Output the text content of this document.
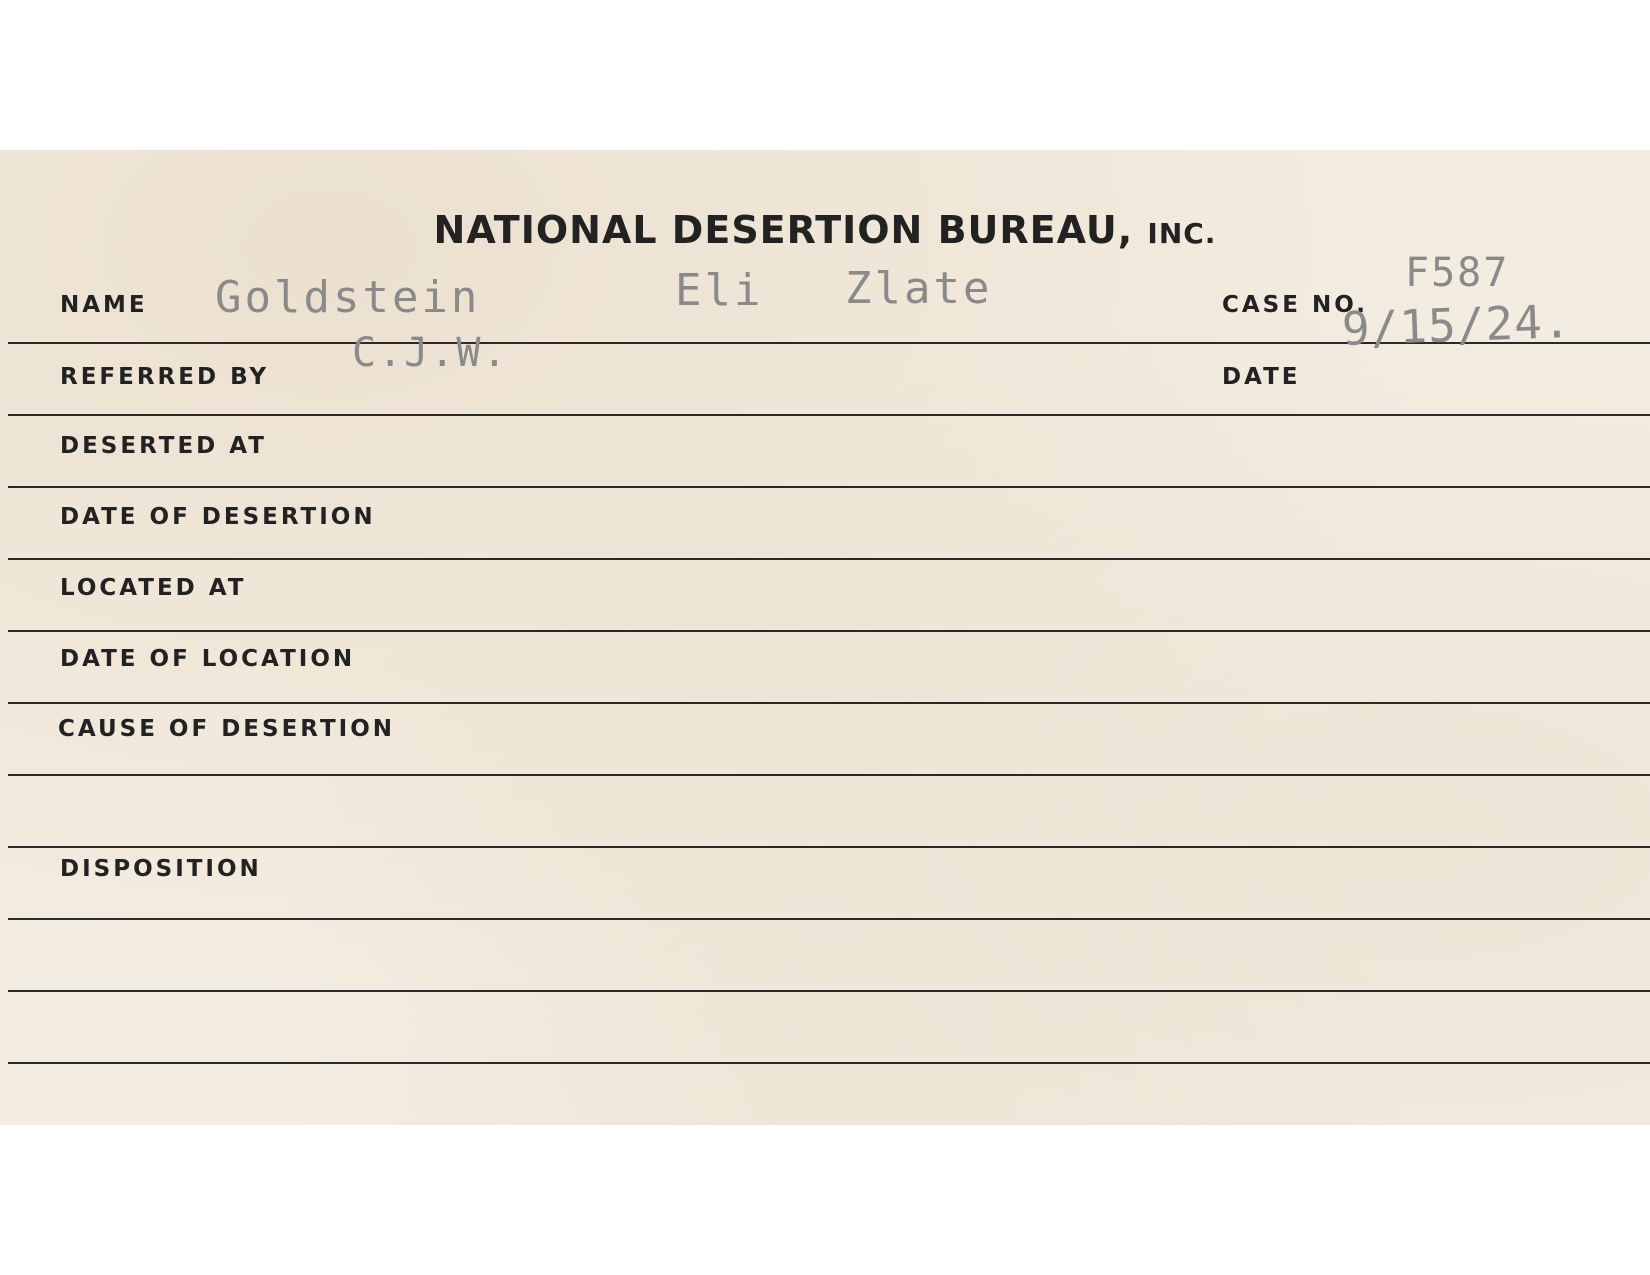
NATIONAL DESERTION BUREAU, INC.
NAME Goldstein	Eli Zlate	CASE NO.
F587
REFERRED BY
C.J.W.
DATE
9/15/24.
DESERTED AT
DATE OF DESERTION
LOCATED AT
DATE OF LOCATION
CAUSE OF DESERTION
DISPOSITION
